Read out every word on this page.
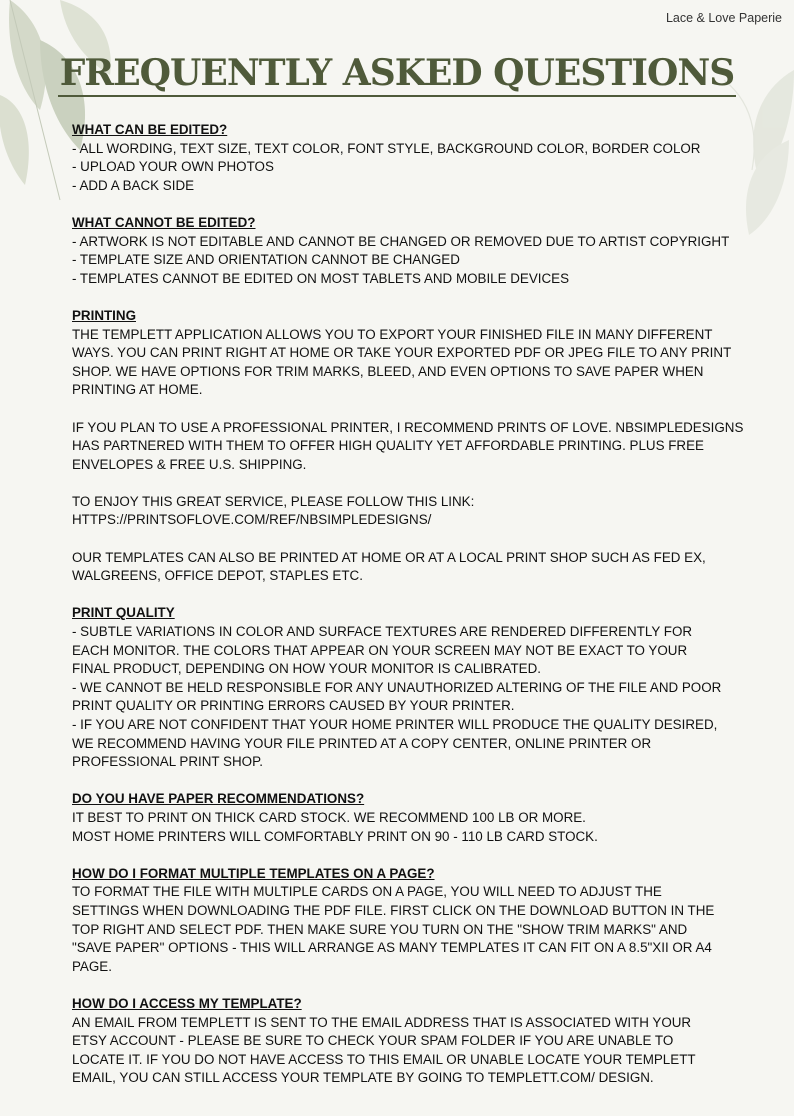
Lace & Love Paperie
FREQUENTLY ASKED QUESTIONS
WHAT CAN BE EDITED?

- ALL WORDING, TEXT SIZE, TEXT COLOR, FONT STYLE, BACKGROUND COLOR, BORDER COLOR
- UPLOAD YOUR OWN PHOTOS
- ADD A BACK SIDE

WHAT CANNOT BE EDITED?

- ARTWORK IS NOT EDITABLE AND CANNOT BE CHANGED OR REMOVED DUE TO ARTIST COPYRIGHT
- TEMPLATE SIZE AND ORIENTATION CANNOT BE CHANGED
- TEMPLATES CANNOT BE EDITED ON MOST TABLETS AND MOBILE DEVICES

PRINTING

THE TEMPLETT APPLICATION ALLOWS YOU TO EXPORT YOUR FINISHED FILE IN MANY DIFFERENT
WAYS. YOU CAN PRINT RIGHT AT HOME OR TAKE YOUR EXPORTED PDF OR JPEG FILE TO ANY PRINT
SHOP. WE HAVE OPTIONS FOR TRIM MARKS, BLEED, AND EVEN OPTIONS TO SAVE PAPER WHEN
PRINTING AT HOME.

IF YOU PLAN TO USE A PROFESSIONAL PRINTER, I RECOMMEND PRINTS OF LOVE. NBSIMPLEDESIGNS
HAS PARTNERED WITH THEM TO OFFER HIGH QUALITY YET AFFORDABLE PRINTING. PLUS FREE
ENVELOPES & FREE U.S. SHIPPING.

TO ENJOY THIS GREAT SERVICE, PLEASE FOLLOW THIS LINK:
HTTPS://PRINTSOFLOVE.COM/REF/NBSIMPLEDESIGNS/

OUR TEMPLATES CAN ALSO BE PRINTED AT HOME OR AT A LOCAL PRINT SHOP SUCH AS FED EX,
WALGREENS, OFFICE DEPOT, STAPLES ETC.

PRINT QUALITY

- SUBTLE VARIATIONS IN COLOR AND SURFACE TEXTURES ARE RENDERED DIFFERENTLY FOR
EACH MONITOR. THE COLORS THAT APPEAR ON YOUR SCREEN MAY NOT BE EXACT TO YOUR
FINAL PRODUCT, DEPENDING ON HOW YOUR MONITOR IS CALIBRATED.
- WE CANNOT BE HELD RESPONSIBLE FOR ANY UNAUTHORIZED ALTERING OF THE FILE AND POOR
PRINT QUALITY OR PRINTING ERRORS CAUSED BY YOUR PRINTER.
- IF YOU ARE NOT CONFIDENT THAT YOUR HOME PRINTER WILL PRODUCE THE QUALITY DESIRED,
WE RECOMMEND HAVING YOUR FILE PRINTED AT A COPY CENTER, ONLINE PRINTER OR
PROFESSIONAL PRINT SHOP.

DO YOU HAVE PAPER RECOMMENDATIONS?

IT BEST TO PRINT ON THICK CARD STOCK. WE RECOMMEND 100 LB OR MORE.
MOST HOME PRINTERS WILL COMFORTABLY PRINT ON 90 - 110 LB CARD STOCK.

HOW DO I FORMAT MULTIPLE TEMPLATES ON A PAGE?

TO FORMAT THE FILE WITH MULTIPLE CARDS ON A PAGE, YOU WILL NEED TO ADJUST THE
SETTINGS WHEN DOWNLOADING THE PDF FILE. FIRST CLICK ON THE DOWNLOAD BUTTON IN THE
TOP RIGHT AND SELECT PDF. THEN MAKE SURE YOU TURN ON THE "SHOW TRIM MARKS" AND
"SAVE PAPER" OPTIONS - THIS WILL ARRANGE AS MANY TEMPLATES IT CAN FIT ON A 8.5"XII OR A4
PAGE.

HOW DO I ACCESS MY TEMPLATE?

AN EMAIL FROM TEMPLETT IS SENT TO THE EMAIL ADDRESS THAT IS ASSOCIATED WITH YOUR
ETSY ACCOUNT - PLEASE BE SURE TO CHECK YOUR SPAM FOLDER IF YOU ARE UNABLE TO
LOCATE IT. IF YOU DO NOT HAVE ACCESS TO THIS EMAIL OR UNABLE LOCATE YOUR TEMPLETT
EMAIL, YOU CAN STILL ACCESS YOUR TEMPLATE BY GOING TO TEMPLETT.COM/ DESIGN.
